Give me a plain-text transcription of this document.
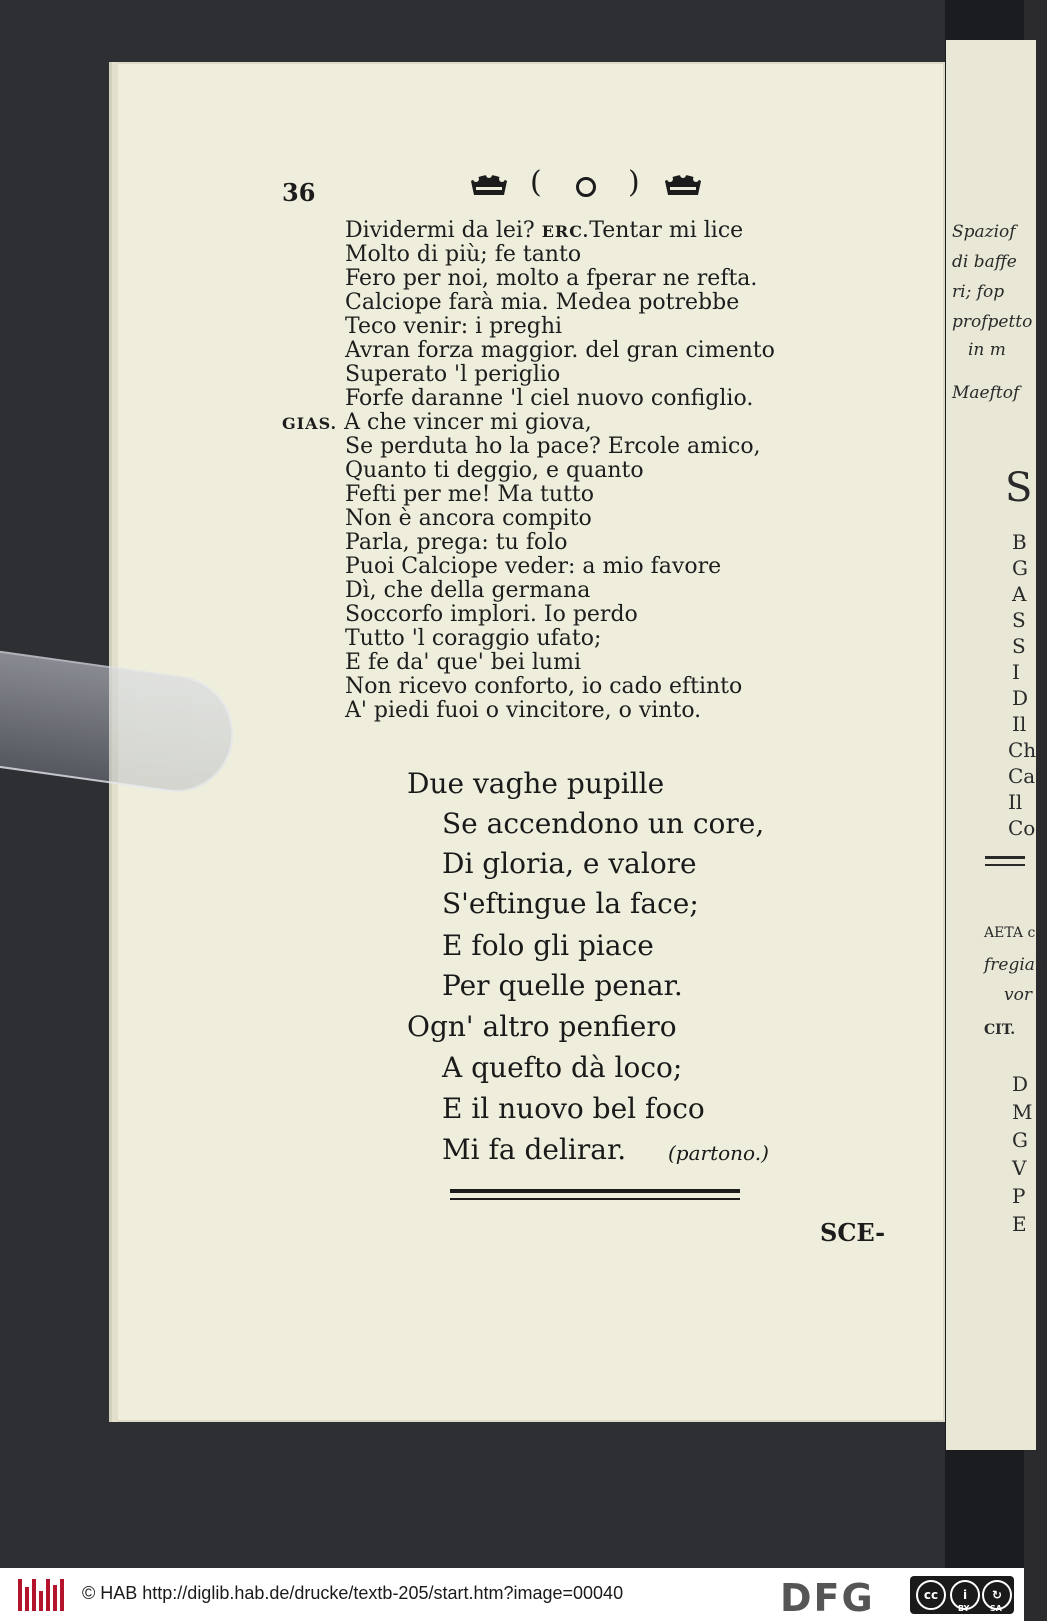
Spaziof
di baffe
ri; fop
profpetto
in m
Maeftof
S
B
G
A
S
S
I
D
Il
Ch
Ca
Il
Co
AETA co
fregiati
vor
CIT.
D
M
G
V
P
E
36	(	)
Dividermi da lei? ERC.Tentar mi lice
Molto di più; fe tanto
Fero per noi, molto a fperar ne refta.
Calciope farà mia. Medea potrebbe
Teco venir: i preghi
Avran forza maggior. del gran cimento
Superato 'l periglio
Forfe daranne 'l ciel nuovo configlio.
GIAS. A che vincer mi giova,
Se perduta ho la pace? Ercole amico,
Quanto ti deggio, e quanto
Fefti per me! Ma tutto
Non è ancora compito
Parla, prega: tu folo
Puoi Calciope veder: a mio favore
Dì, che della germana
Soccorfo implori. Io perdo
Tutto 'l coraggio ufato;
E fe da' que' bei lumi
Non ricevo conforto, io cado eftinto
A' piedi fuoi o vincitore, o vinto.
Due vaghe pupille
Se accendono un core,
Di gloria, e valore
S'eftingue la face;
E folo gli piace
Per quelle penar.
Ogn' altro penfiero
A quefto dà loco;
E il nuovo bel foco
Mi fa delirar. (partono.)
SCE-
© HAB http://diglib.hab.de/drucke/textb-205/start.htm?image=00040	DFG	cc	i	↻
BY	SA
